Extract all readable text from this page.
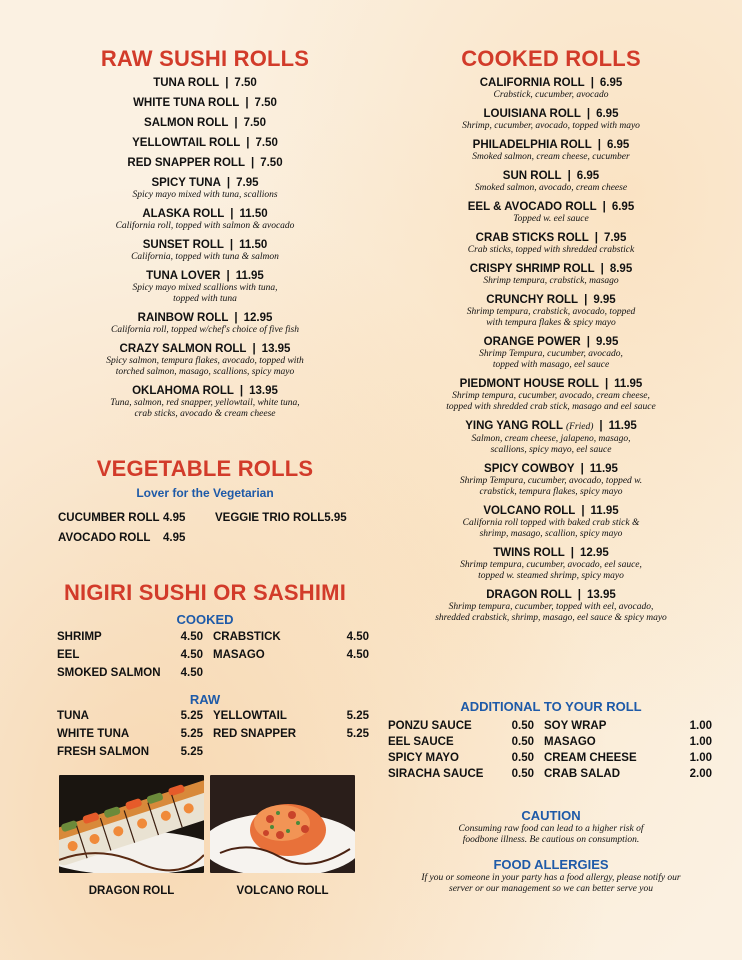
RAW SUSHI ROLLS
TUNA ROLL | 7.50
WHITE TUNA ROLL | 7.50
SALMON ROLL | 7.50
YELLOWTAIL ROLL | 7.50
RED SNAPPER ROLL | 7.50
SPICY TUNA | 7.95
Spicy mayo mixed with tuna, scallions
ALASKA ROLL | 11.50
California roll, topped with salmon & avocado
SUNSET ROLL | 11.50
California, topped with tuna & salmon
TUNA LOVER | 11.95
Spicy mayo mixed scallions with tuna,
topped with tuna
RAINBOW ROLL | 12.95
California roll, topped w/chef's choice of five fish
CRAZY SALMON ROLL | 13.95
Spicy salmon, tempura flakes, avocado, topped with
torched salmon, masago, scallions, spicy mayo
OKLAHOMA ROLL | 13.95
Tuna, salmon, red snapper, yellowtail, white tuna,
crab sticks, avocado & cream cheese
VEGETABLE ROLLS
Lover for the Vegetarian
CUCUMBER ROLL 4.95	VEGGIE TRIO ROLL 5.95
AVOCADO ROLL	4.95
NIGIRI SUSHI OR SASHIMI
COOKED
SHRIMP	4.50 CRABSTICK	4.50
EEL	4.50 MASAGO	4.50
SMOKED SALMON 4.50
RAW
TUNA	5.25 YELLOWTAIL	5.25
WHITE TUNA	5.25 RED SNAPPER	5.25
FRESH SALMON	5.25
DRAGON ROLL	VOLCANO ROLL
COOKED ROLLS
CALIFORNIA ROLL | 6.95
Crabstick, cucumber, avocado
LOUISIANA ROLL | 6.95
Shrimp, cucumber, avocado, topped with mayo
PHILADELPHIA ROLL | 6.95
Smoked salmon, cream cheese, cucumber
SUN ROLL | 6.95
Smoked salmon, avocado, cream cheese
EEL & AVOCADO ROLL | 6.95
Topped w. eel sauce
CRAB STICKS ROLL | 7.95
Crab sticks, topped with shredded crabstick
CRISPY SHRIMP ROLL | 8.95
Shrimp tempura, crabstick, masago
CRUNCHY ROLL | 9.95
Shrimp tempura, crabstick, avocado, topped
with tempura flakes & spicy mayo
ORANGE POWER | 9.95
Shrimp Tempura, cucumber, avocado,
topped with masago, eel sauce
PIEDMONT HOUSE ROLL | 11.95
Shrimp tempura, cucumber, avocado, cream cheese,
topped with shredded crab stick, masago and eel sauce
YING YANG ROLL (Fried) | 11.95
Salmon, cream cheese, jalapeno, masago,
scallions, spicy mayo, eel sauce
SPICY COWBOY | 11.95
Shrimp Tempura, cucumber, avocado, topped w.
crabstick, tempura flakes, spicy mayo
VOLCANO ROLL | 11.95
California roll topped with baked crab stick &
shrimp, masago, scallion, spicy mayo
TWINS ROLL | 12.95
Shrimp tempura, cucumber, avocado, eel sauce,
topped w. steamed shrimp, spicy mayo
DRAGON ROLL | 13.95
Shrimp tempura, cucumber, topped with eel, avocado,
shredded crabstick, shrimp, masago, eel sauce & spicy mayo
ADDITIONAL TO YOUR ROLL
PONZU SAUCE	0.50 SOY WRAP	1.00
EEL SAUCE	0.50 MASAGO	1.00
SPICY MAYO	0.50 CREAM CHEESE	1.00
SIRACHA SAUCE 0.50 CRAB SALAD	2.00
CAUTION
Consuming raw food can lead to a higher risk of
foodbone illness. Be cautious on consumption.
FOOD ALLERGIES
If you or someone in your party has a food allergy, please notify our
server or our management so we can better serve you
